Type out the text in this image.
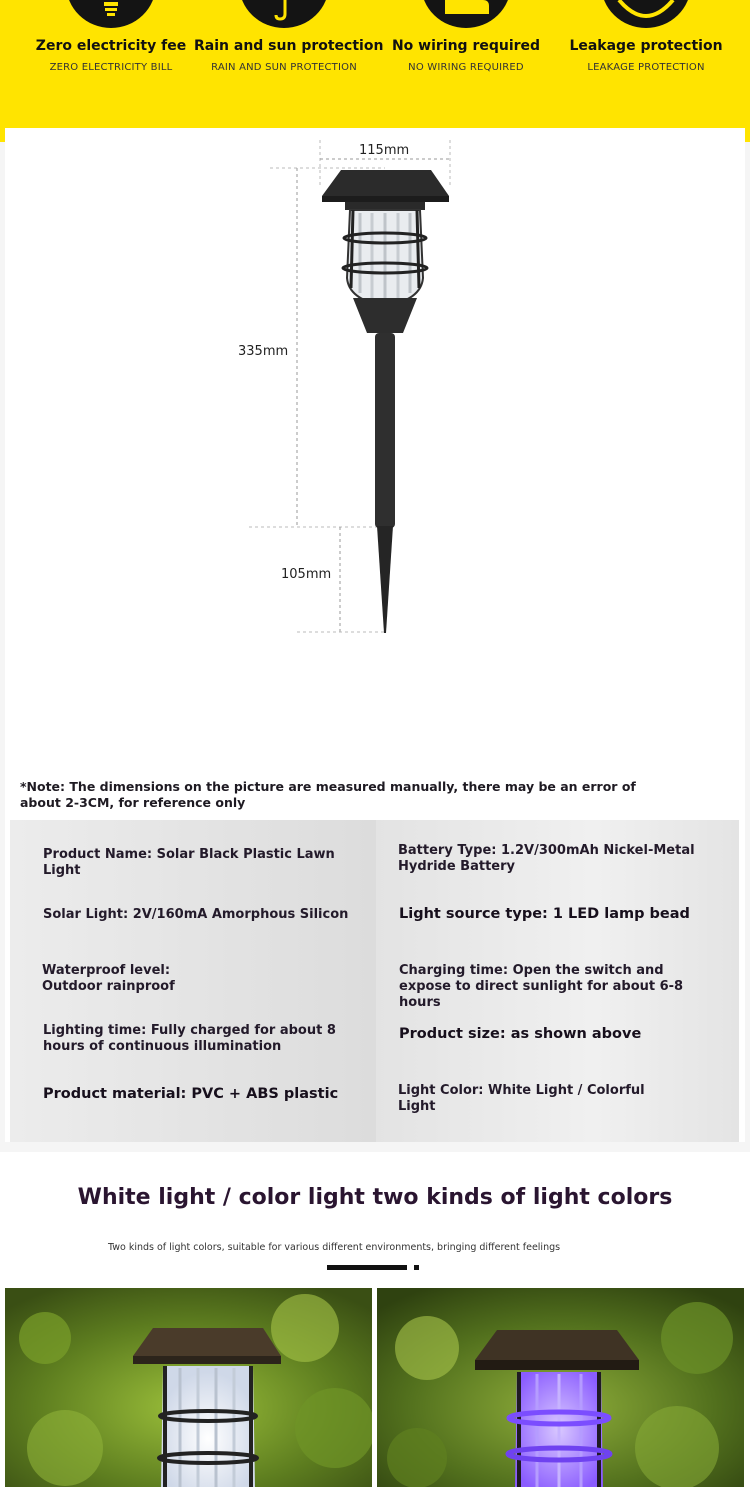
Zero electricity fee
ZERO ELECTRICITY BILL
Rain and sun protection
RAIN AND SUN PROTECTION
No wiring required
NO WIRING REQUIRED
Leakage protection
LEAKAGE PROTECTION
115mm
335mm
105mm

*Note: The dimensions on the picture are measured manually, there may be an error of about 2-3CM, for reference only

Product Name: Solar Black Plastic Lawn Light
Solar Light: 2V/160mA Amorphous Silicon
Waterproof level: Outdoor rainproof
Lighting time: Fully charged for about 8 hours of continuous illumination
Product material: PVC + ABS plastic
Battery Type: 1.2V/300mAh Nickel-Metal Hydride Battery
Light source type: 1 LED lamp bead
Charging time: Open the switch and expose to direct sunlight for about 6-8 hours
Product size: as shown above
Light Color: White Light / Colorful Light
White light / color light two kinds of light colors

Two kinds of light colors, suitable for various different environments, bringing different feelings
